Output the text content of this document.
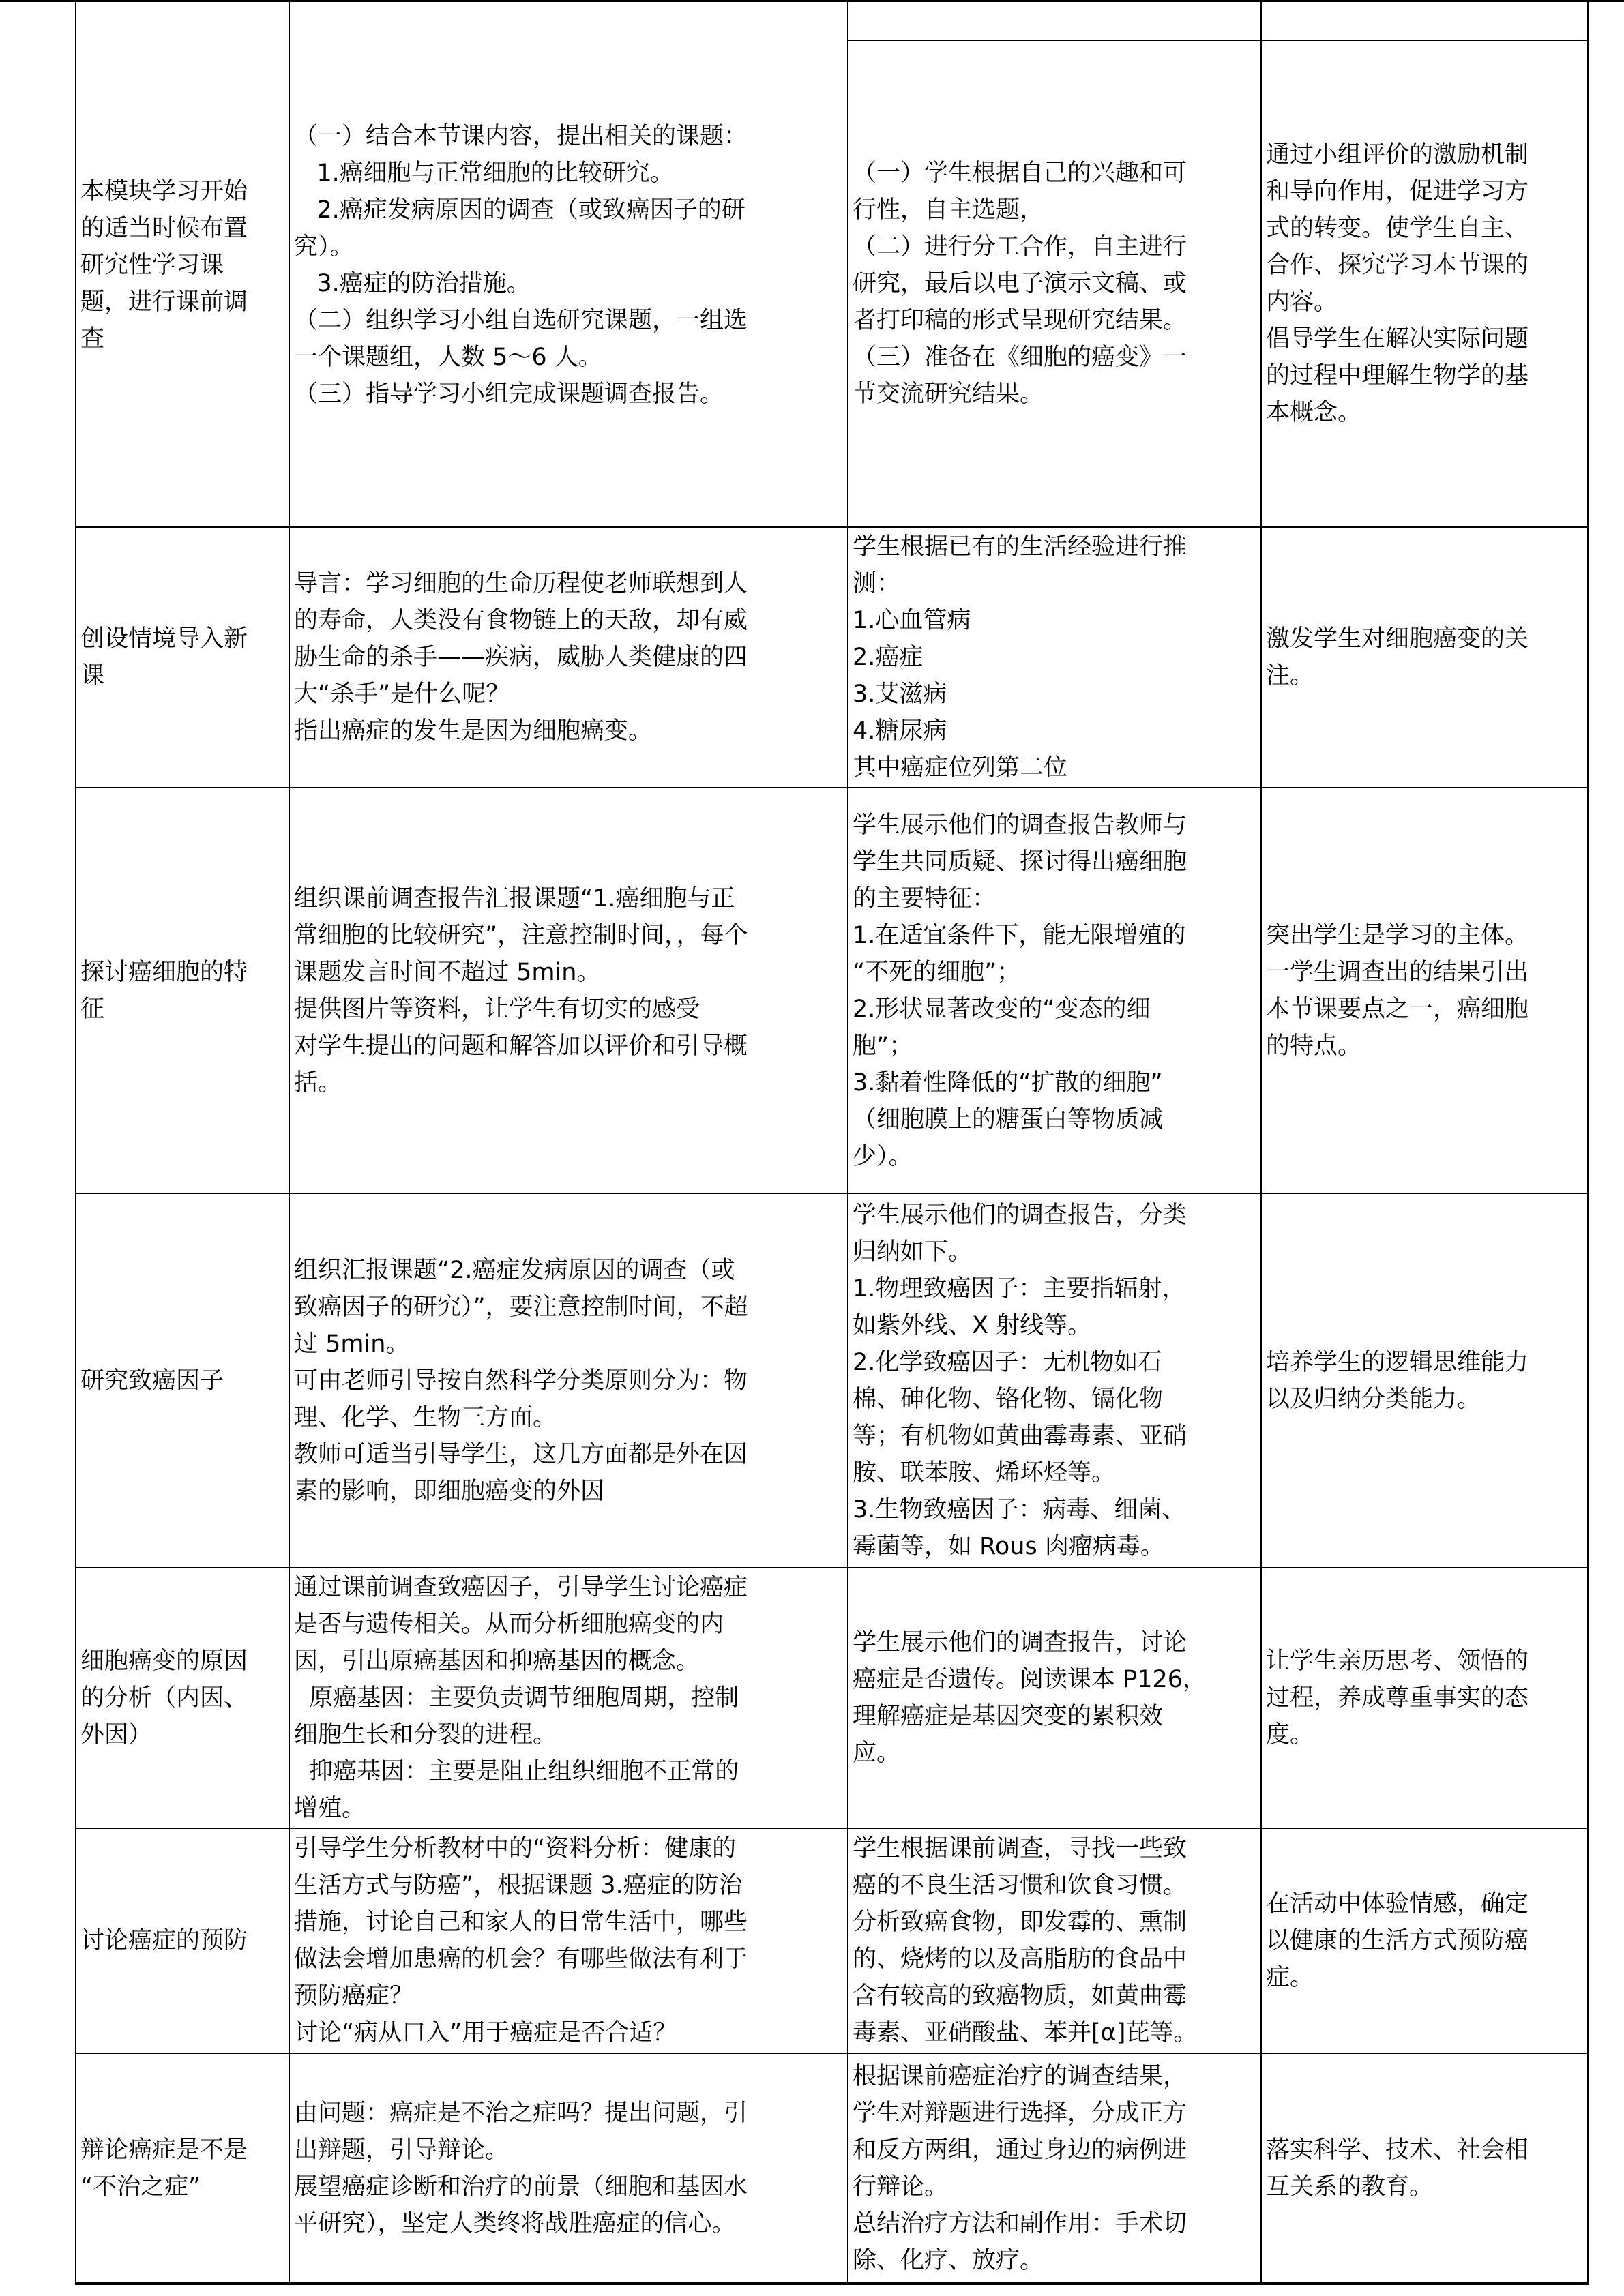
本模块学习开始

的适当时候布置

研究性学习课

题，进行课前调

查

（一）结合本节课内容，提出相关的课题：

1.癌细胞与正常细胞的比较研究。

2.癌症发病原因的调查（或致癌因子的研

究）。

3.癌症的防治措施。

（二）组织学习小组自选研究课题，一组选

一个课题组，人数 5～6 人。

（三）指导学习小组完成课题调查报告。

（一）学生根据自己的兴趣和可

行性，自主选题，

（二）进行分工合作，自主进行

研究，最后以电子演示文稿、或

者打印稿的形式呈现研究结果。

（三）准备在《细胞的癌变》一

节交流研究结果。

通过小组评价的激励机制

和导向作用，促进学习方

式的转变。使学生自主、

合作、探究学习本节课的

内容。

倡导学生在解决实际问题

的过程中理解生物学的基

本概念。

创设情境导入新

课

导言：学习细胞的生命历程使老师联想到人

的寿命，人类没有食物链上的天敌，却有威

胁生命的杀手——疾病，威胁人类健康的四

大“杀手”是什么呢？

指出癌症的发生是因为细胞癌变。

学生根据已有的生活经验进行推

测：

1.心血管病

2.癌症

3.艾滋病

4.糖尿病

其中癌症位列第二位

激发学生对细胞癌变的关

注。

探讨癌细胞的特

征

组织课前调查报告汇报课题“1.癌细胞与正

常细胞的比较研究”，注意控制时间，，每个

课题发言时间不超过 5min。

提供图片等资料，让学生有切实的感受

对学生提出的问题和解答加以评价和引导概

括。

学生展示他们的调查报告教师与

学生共同质疑、探讨得出癌细胞

的主要特征：

1.在适宜条件下，能无限增殖的

“不死的细胞”；

2.形状显著改变的“变态的细

胞”；

3.黏着性降低的“扩散的细胞”

（细胞膜上的糖蛋白等物质减

少）。

突出学生是学习的主体。

一学生调查出的结果引出

本节课要点之一，癌细胞

的特点。

研究致癌因子

组织汇报课题“2.癌症发病原因的调查（或

致癌因子的研究）”，要注意控制时间，不超

过 5min。

可由老师引导按自然科学分类原则分为：物

理、化学、生物三方面。

教师可适当引导学生，这几方面都是外在因

素的影响，即细胞癌变的外因

学生展示他们的调查报告，分类

归纳如下。

1.物理致癌因子：主要指辐射，

如紫外线、X 射线等。

2.化学致癌因子：无机物如石

棉、砷化物、铬化物、镉化物

等；有机物如黄曲霉毒素、亚硝

胺、联苯胺、烯环烃等。

3.生物致癌因子：病毒、细菌、

霉菌等，如 Rous 肉瘤病毒。

培养学生的逻辑思维能力

以及归纳分类能力。

细胞癌变的原因

的分析（内因、

外因）

通过课前调查致癌因子，引导学生讨论癌症

是否与遗传相关。从而分析细胞癌变的内

因，引出原癌基因和抑癌基因的概念。

原癌基因：主要负责调节细胞周期，控制

细胞生长和分裂的进程。

抑癌基因：主要是阻止组织细胞不正常的

增殖。

学生展示他们的调查报告，讨论

癌症是否遗传。阅读课本 P126，

理解癌症是基因突变的累积效

应。

让学生亲历思考、领悟的

过程，养成尊重事实的态

度。

讨论癌症的预防

引导学生分析教材中的“资料分析：健康的

生活方式与防癌”，根据课题 3.癌症的防治

措施，讨论自己和家人的日常生活中，哪些

做法会增加患癌的机会？有哪些做法有利于

预防癌症？

讨论“病从口入”用于癌症是否合适？

学生根据课前调查，寻找一些致

癌的不良生活习惯和饮食习惯。

分析致癌食物，即发霉的、熏制

的、烧烤的以及高脂肪的食品中

含有较高的致癌物质，如黄曲霉

毒素、亚硝酸盐、苯并[α]芘等。

在活动中体验情感，确定

以健康的生活方式预防癌

症。

辩论癌症是不是

“不治之症”

由问题：癌症是不治之症吗？提出问题，引

出辩题，引导辩论。

展望癌症诊断和治疗的前景（细胞和基因水

平研究），坚定人类终将战胜癌症的信心。

根据课前癌症治疗的调查结果，

学生对辩题进行选择，分成正方

和反方两组，通过身边的病例进

行辩论。

总结治疗方法和副作用：手术切

除、化疗、放疗。

落实科学、技术、社会相

互关系的教育。
